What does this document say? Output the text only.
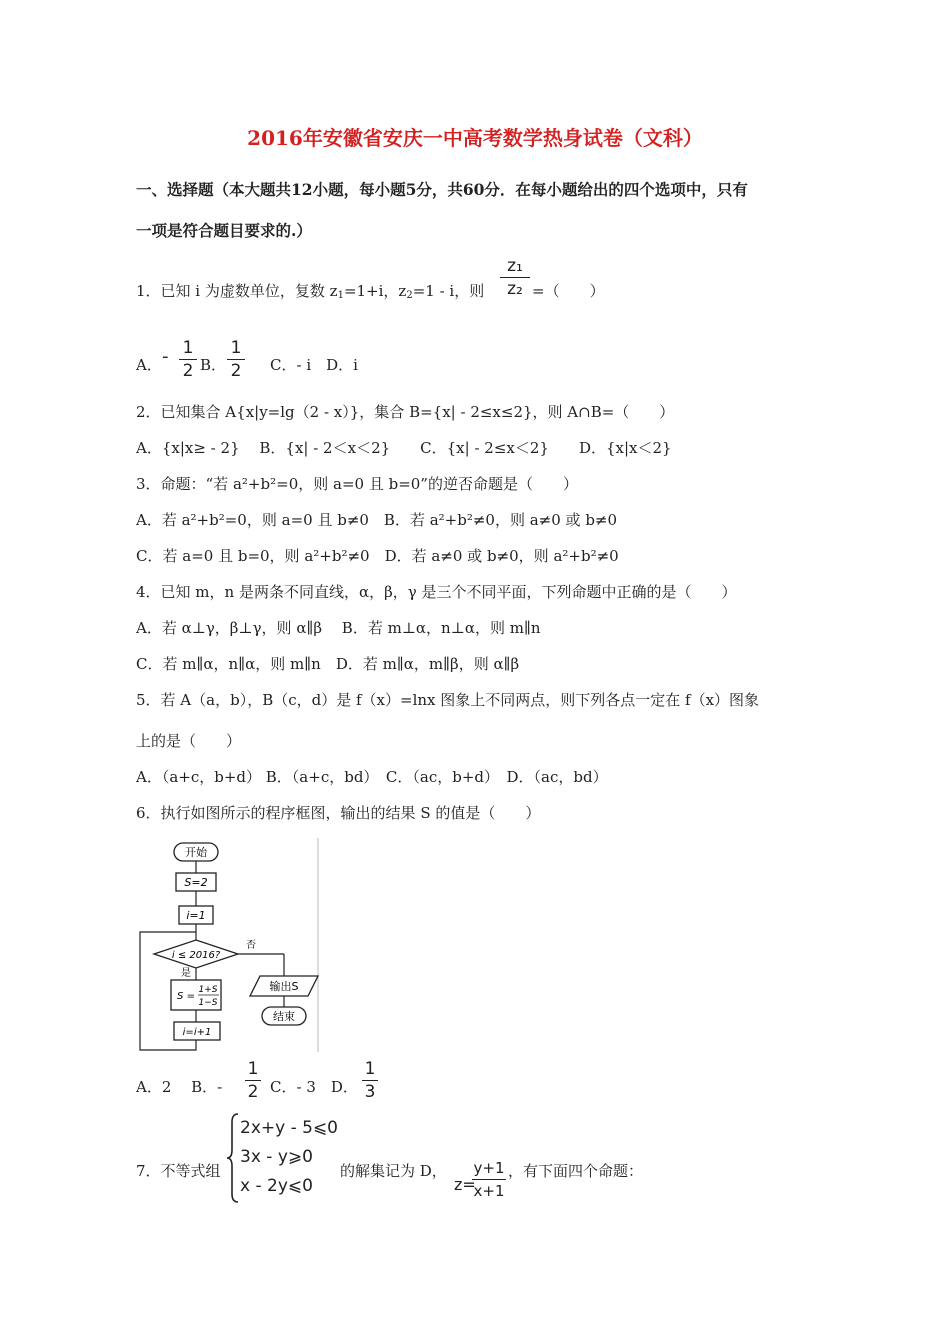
2016年安徽省安庆一中高考数学热身试卷（文科）
一、选择题（本大题共12小题，每小题5分，共60分．在每小题给出的四个选项中，只有
一项是符合题目要求的.）
1．已知 i 为虚数单位，复数 $z_1=1+i$，$z_2=1 - i$，则
z₁
z₂ =（　　）
A． - 1
2 B．
1
2 C．- i　D．i
2．已知集合 A{x|y=lg（2 - x）}，集合 B={x| - 2≤x≤2}，则 A∩B=（　　）
A．{x|x≥ - 2}　 B．{x| - 2＜x＜2}　　C．{x| - 2≤x＜2}　　D．{x|x＜2}
3．命题：“若 a²+b²=0，则 a=0 且 b=0”的逆否命题是（　　）
A．若 a²+b²=0，则 a=0 且 b≠0　B．若 a²+b²≠0，则 a≠0 或 b≠0
C．若 a=0 且 b=0，则 a²+b²≠0　D．若 a≠0 或 b≠0，则 a²+b²≠0
4．已知 m，n 是两条不同直线，α，β，γ 是三个不同平面，下列命题中正确的是（　　）
A．若 α⊥γ，β⊥γ，则 α∥β　 B．若 m⊥α，n⊥α，则 m∥n
C．若 m∥α，n∥α，则 m∥n　D．若 m∥α，m∥β，则 α∥β
5．若 A（a，b），B（c，d）是 f（x）=lnx 图象上不同两点，则下列各点一定在 f（x）图象
上的是（　　）
A．（a+c，b+d） B．（a+c，bd）　C．（ac，b+d）　D．（ac，bd）
6．执行如图所示的程序框图，输出的结果 S 的值是（　　）
开始
S=2
i=1
i ≤ 2016?
否
输出S
结束
是
S =
1+S
1−S
i=i+1
A．2　 B．-
1
2 C．- 3　D．
1
3
7．不等式组
2x+y - 5⩽0
3x - y⩾0
x - 2y⩽0
的解集记为 D，
z=
y+1
x+1
，有下面四个命题：
